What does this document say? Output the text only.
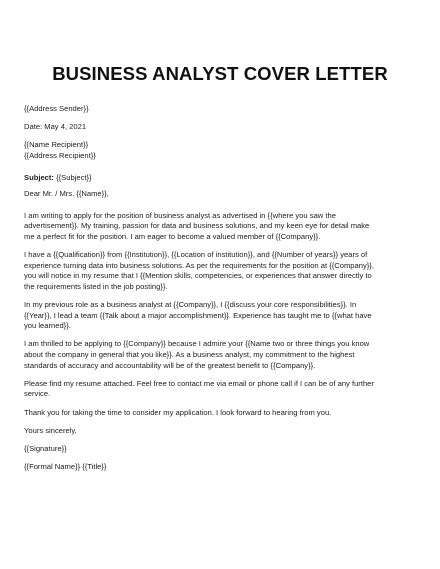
BUSINESS ANALYST COVER LETTER

{{Address Sender}}

Date: May 4, 2021

{{Name Recipient}}

{{Address Recipient}}

Subject: {{Subject}}

Dear Mr. / Mrs. {{Name}},

I am writing to apply for the position of business analyst as advertised in {{where you saw the
advertisement}}. My training, passion for data and business solutions, and my keen eye for detail make
me a perfect fit for the position. I am eager to become a valued member of {{Company}}.

I have a {{Qualification}} from {{Institution}}, {{Location of institution}}, and {{Number of years}} years of
experience turning data into business solutions. As per the requirements for the position at {{Company}},
you will notice in my resume that I {{Mention skills, competencies, or experiences that answer directly to
the requirements listed in the job posting}}.

In my previous role as a business analyst at {{Company}}, I {{discuss your core responsibilities}}. In
{{Year}}, I lead a team {{Talk about a major accomplishment}}. Experience has taught me to {{what have
you learned}}.

I am thrilled to be applying to {{Company}} because I admire your {{Name two or three things you know
about the company in general that you like}}. As a business analyst, my commitment to the highest
standards of accuracy and accountability will be of the greatest benefit to {{Company}}.

Please find my resume attached. Feel free to contact me via email or phone call if I can be of any further
service.

Thank you for taking the time to consider my application. I look forward to hearing from you.

Yours sincerely,

{{Signature}}

{{Formal Name}} {{Title}}
